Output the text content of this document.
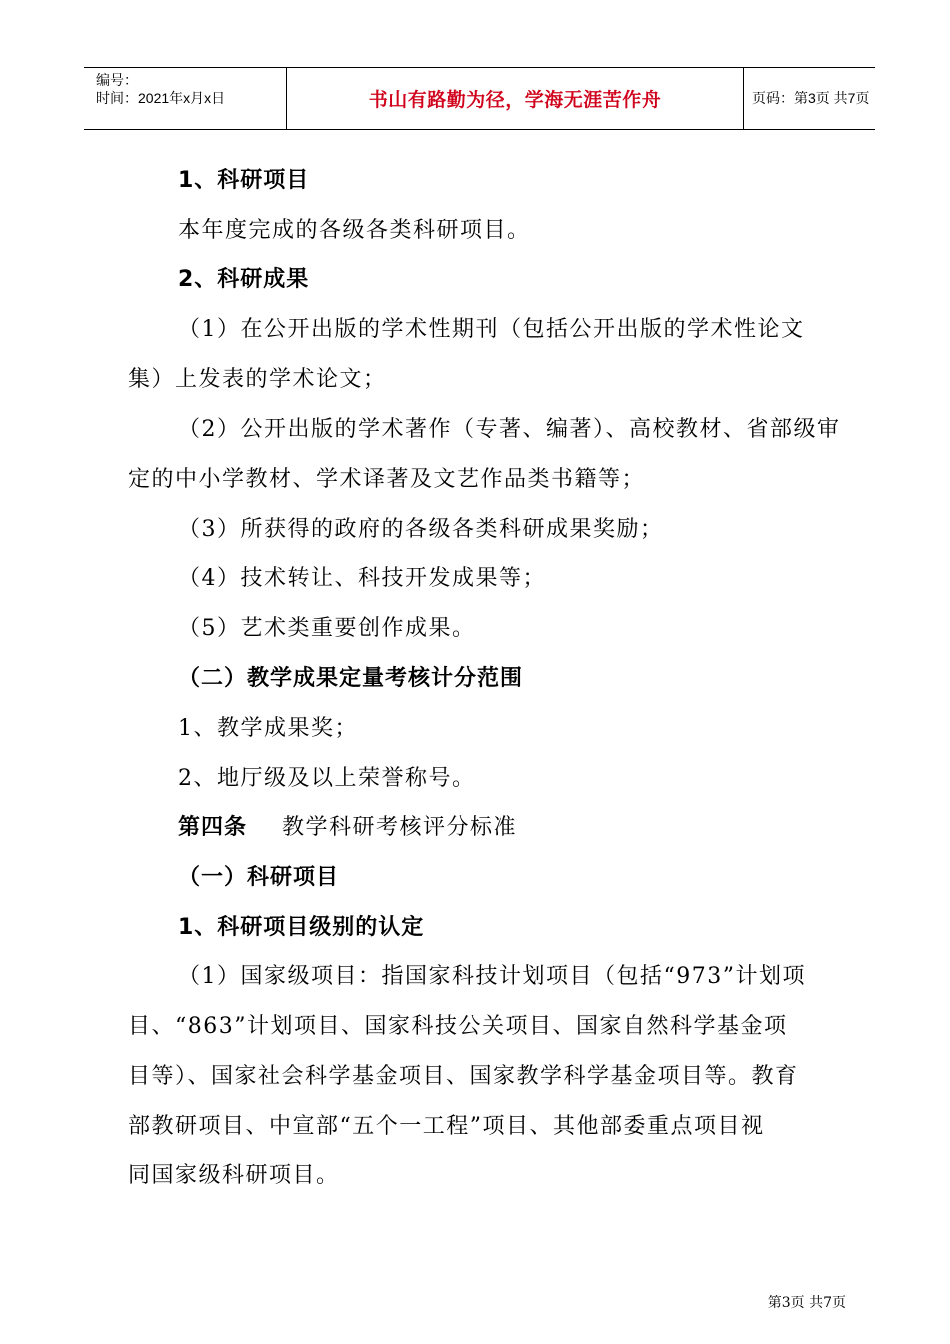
编号：
时间：2021年x月x日	书山有路勤为径，学海无涯苦作舟	页码：第3页 共7页
1、科研项目
本年度完成的各级各类科研项目。
2、科研成果
（1）在公开出版的学术性期刊（包括公开出版的学术性论文
集）上发表的学术论文；
（2）公开出版的学术著作（专著、编著）、高校教材、省部级审
定的中小学教材、学术译著及文艺作品类书籍等；
（3）所获得的政府的各级各类科研成果奖励；
（4）技术转让、科技开发成果等；
（5）艺术类重要创作成果。
（二）教学成果定量考核计分范围
1、教学成果奖；
2、地厅级及以上荣誉称号。
第四条 教学科研考核评分标准
（一）科研项目
1、科研项目级别的认定
（1）国家级项目：指国家科技计划项目（包括“973”计划项
目、“863”计划项目、国家科技公关项目、国家自然科学基金项
目等）、国家社会科学基金项目、国家教学科学基金项目等。教育
部教研项目、中宣部“五个一工程”项目、其他部委重点项目视
同国家级科研项目。
第3页 共7页
